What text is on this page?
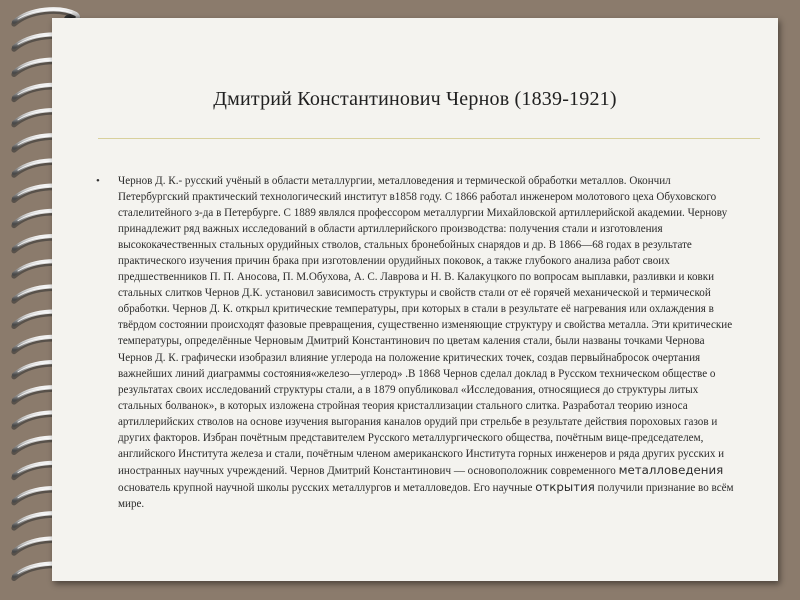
Дмитрий Константинович Чернов (1839-1921)
• Чернов Д. К.- русский учёный в области металлургии, металловедения и термической обработки металлов. Окончил Петербургский практический технологический институт в1858 году. С 1866 работал инженером молотового цеха Обуховского сталелитейного з-да в Петербурге. С 1889 являлся профессором металлургии Михайловской артиллерийской академии. Чернову принадлежит ряд важных исследований в области артиллерийского производства: получения стали и изготовления высококачественных стальных орудийных стволов, стальных бронебойных снарядов и др. В 1866—68 годах в результате практического изучения причин брака при изготовлении орудийных поковок, а также глубокого анализа работ своих предшественников П. П. Аносова, П. М.Обухова, А. С. Лаврова и Н. В. Калакуцкого по вопросам выплавки, разливки и ковки стальных слитков Чернов Д.К. установил зависимость структуры и свойств стали от её горячей механической и термической обработки. Чернов Д. К. открыл критические температуры, при которых в стали в результате её нагревания или охлаждения в твёрдом состоянии происходят фазовые превращения, существенно изменяющие структуру и свойства металла. Эти критические температуры, определённые Черновым Дмитрий Константинович по цветам каления стали, были названы точками Чернова Чернов Д. К. графически изобразил влияние углерода на положение критических точек, создав первыйнабросок очертания важнейших линий диаграммы состояния«железо—углерод» .В 1868 Чернов сделал доклад в Русском техническом обществе о результатах своих исследований структуры стали, а в 1879 опубликовал «Исследования, относящиеся до структуры литых стальных болванок», в которых изложена стройная теория кристаллизации стального слитка. Разработал теорию износа артиллерийских стволов на основе изучения выгорания каналов орудий при стрельбе в результате действия пороховых газов и других факторов. Избран почётным представителем Русского металлургического общества, почётным вице-председателем, английского Института железа и стали, почётным членом американского Института горных инженеров и ряда других русских и иностранных научных учреждений. Чернов Дмитрий Константинович — основоположник современного металловедения основатель крупной научной школы русских металлургов и металловедов. Его научные открытия получили признание во всём мире.
